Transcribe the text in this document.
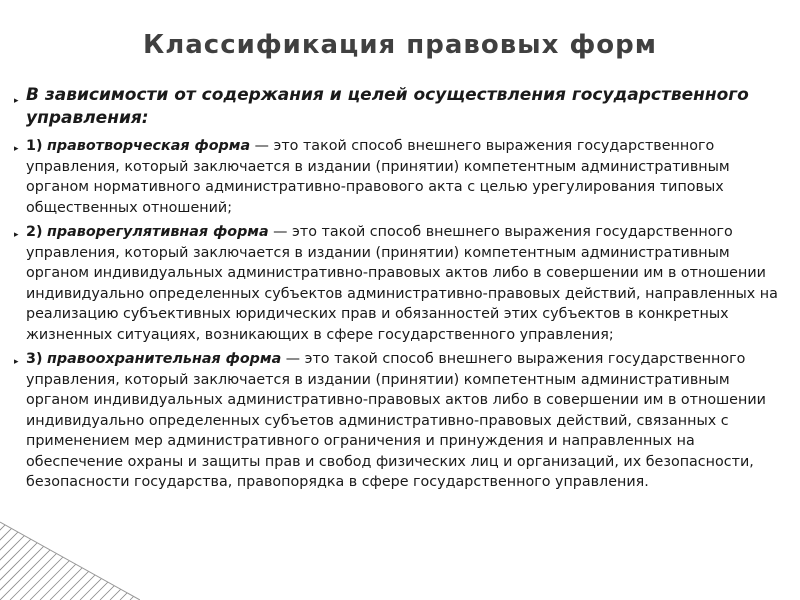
Классификация правовых форм

▸ В зависимости от содержания и целей осуществления государственного управления:

▸ 1) правотворческая форма — это такой способ внешнего выражения государственного управления, который заключается в издании (принятии) компетентным административным органом нормативного административно-правового акта с целью урегулирования типовых общественных отношений;

▸ 2) праворегулятивная форма — это такой способ внешнего выражения государственного управления, который заключается в издании (принятии) компетентным административным органом индивидуальных административно-правовых актов либо в совершении им в отношении индивидуально определенных субъектов административно-правовых действий, направленных на реализацию субъективных юридических прав и обязанностей этих субъектов в конкретных жизненных ситуациях, возникающих в сфере государственного управления;

▸ 3) правоохранительная форма — это такой способ внешнего выражения государственного управления, который заключается в издании (принятии) компетентным административным органом индивидуальных административно-правовых актов либо в совершении им в отношении индивидуально определенных субъетов административно-правовых действий, связанных с применением мер административного ограничения и принуждения и направленных на обеспечение охраны и защиты прав и свобод физических лиц и организаций, их безопасности, безопасности государства, правопорядка в сфере государственного управления.
